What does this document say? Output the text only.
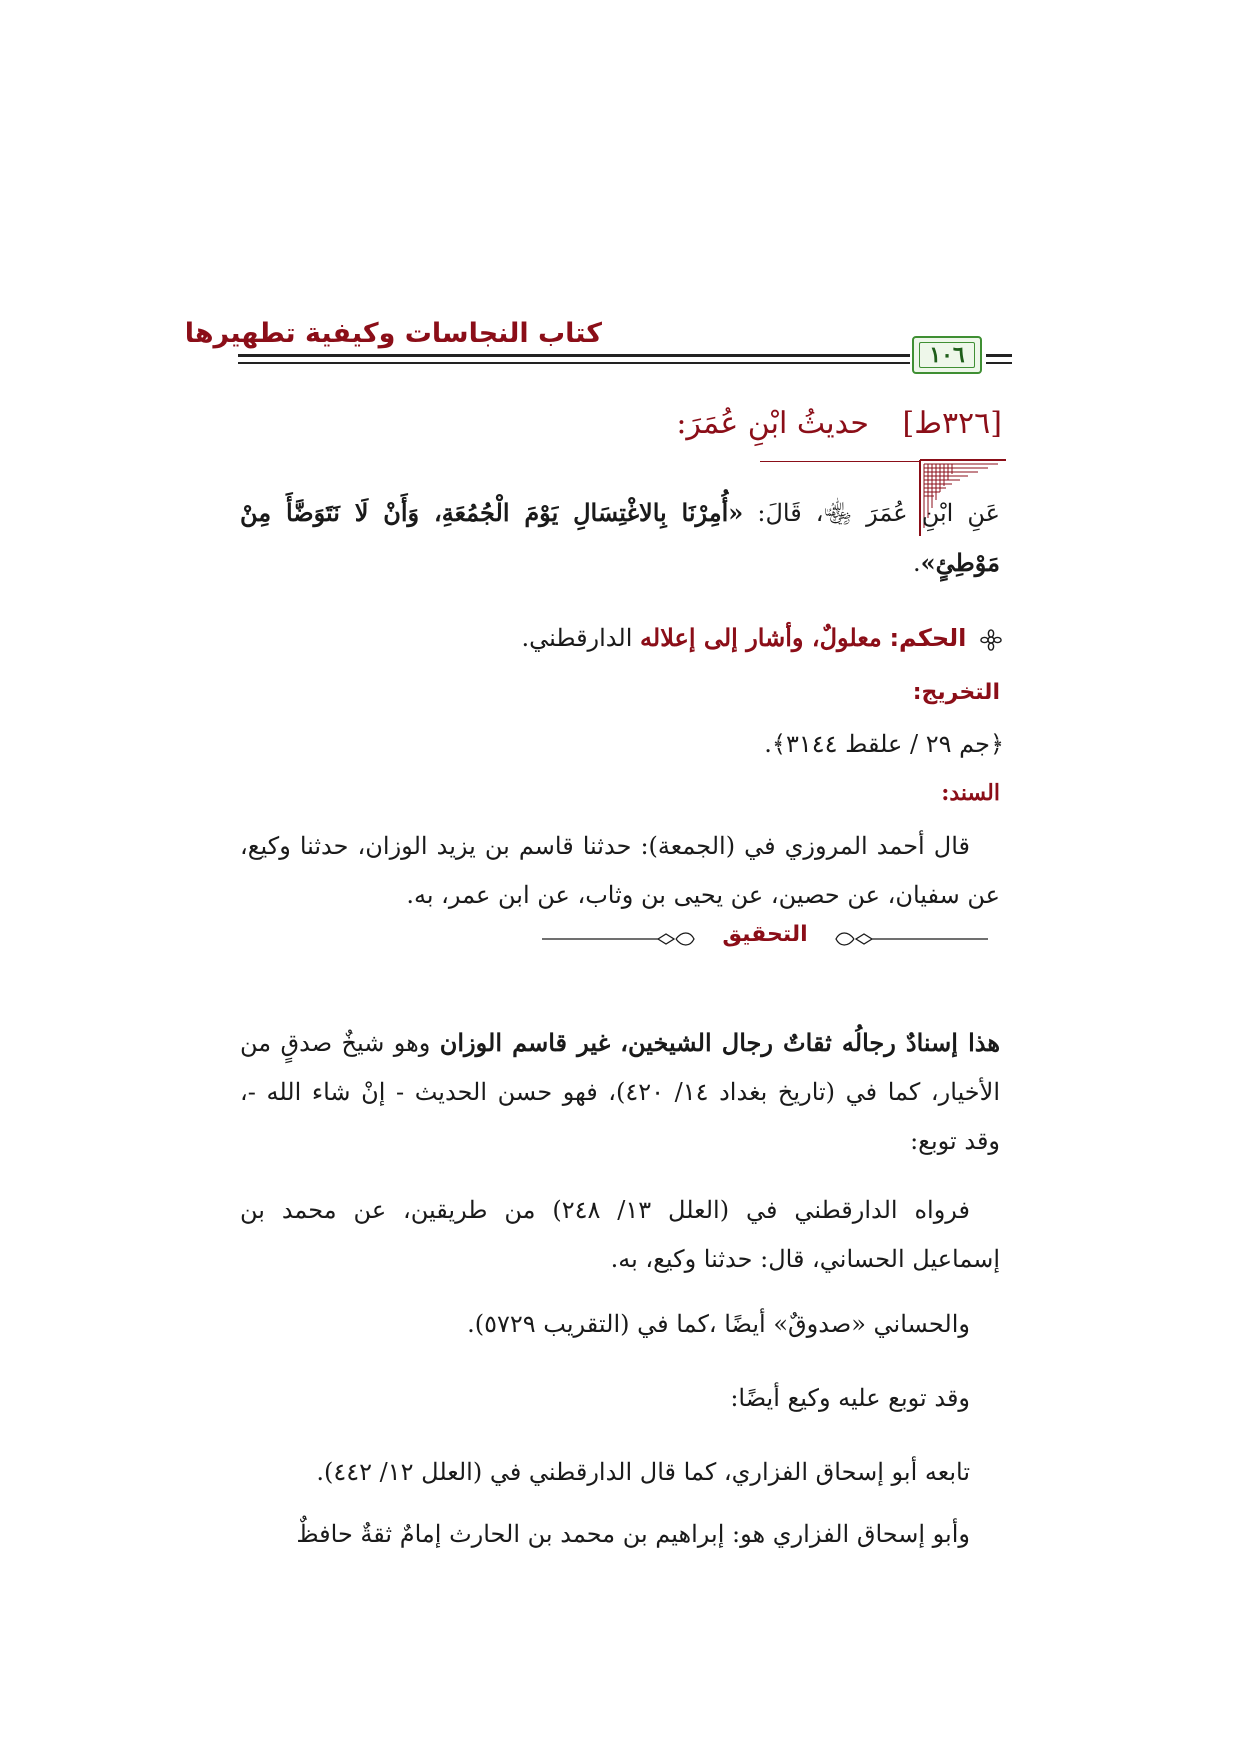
كتاب النجاسات وكيفية تطهيرها
١٠٦
[٣٢٦ط] حديثُ ابْنِ عُمَرَ:
عَنِ ابْنِ عُمَرَ ﵄، قَالَ: «أُمِرْنَا بِالاغْتِسَالِ يَوْمَ الْجُمُعَةِ، وَأَنْ لَا نَتَوَضَّأَ مِنْ مَوْطِئٍ».
الحكم: معلولٌ، وأشار إلى إعلاله الدارقطني.
التخريج:
﴿جم ٢٩ / علقط ٣١٤٤﴾.
السند:
قال أحمد المروزي في (الجمعة): حدثنا قاسم بن يزيد الوزان، حدثنا وكيع، عن سفيان، عن حصين، عن يحيى بن وثاب، عن ابن عمر، به.
التحقيق
هذا إسنادٌ رجالُه ثقاتٌ رجال الشيخين، غير قاسم الوزان وهو شيخٌ صدقٍ من الأخيار، كما في (تاريخ بغداد ١٤/ ٤٢٠)، فهو حسن الحديث - إنْ شاء الله -، وقد توبع:
فرواه الدارقطني في (العلل ١٣/ ٢٤٨) من طريقين، عن محمد بن إسماعيل الحساني، قال: حدثنا وكيع، به.
والحساني «صدوقٌ» أيضًا ،كما في (التقريب ٥٧٢٩).
وقد توبع عليه وكيع أيضًا:
تابعه أبو إسحاق الفزاري، كما قال الدارقطني في (العلل ١٢/ ٤٤٢).
وأبو إسحاق الفزاري هو: إبراهيم بن محمد بن الحارث إمامٌ ثقةٌ حافظٌ
